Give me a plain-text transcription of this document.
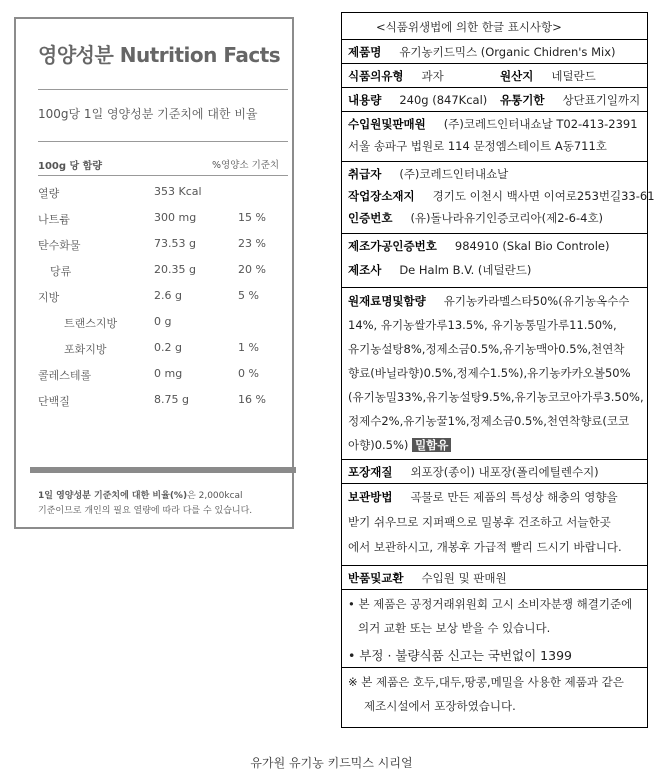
영양성분 Nutrition Facts
100g당 1일 영양성분 기준치에 대한 비율
100g 당 함량	%영양소 기준치
열량	353 Kcal
나트륨	300 mg	15 %
탄수화물	73.53 g	23 %
당류	20.35 g	20 %
지방	2.6 g	5 %
트랜스지방	0 g
포화지방	0.2 g	1 %
콜레스테롤	0 mg	0 %
단백질	8.75 g	16 %
1일 영양성분 기준치에 대한 비율(%)은 2,000kcal
기준이므로 개인의 필요 열량에 따라 다를 수 있습니다.
<식품위생법에 의한 한글 표시사항>
제품명 유기농키드믹스 (Organic Chidren's Mix)
식품의유형 과자	원산지 네덜란드
내용량 240g (847Kcal) 유통기한 상단표기일까지
수입원및판매원 (주)코레드인터내쇼날 T02-413-2391
서울 송파구 법원로 114 문정엠스테이트 A동711호
취급자 (주)코레드인터내쇼날
작업장소재지 경기도 이천시 백사면 이여로253번길33-61
인증번호 (유)돌나라유기인증코리아(제2-6-4호)
제조가공인증번호 984910 (Skal Bio Controle)
제조사 De Halm B.V. (네덜란드)
원재료명및함량 유기농카라멜스타50%(유기농옥수수
14%, 유기농쌀가루13.5%, 유기농통밀가루11.50%,
유기농설탕8%,정제소금0.5%,유기농맥아0.5%,천연착
향료(바닐라향)0.5%,정제수1.5%),유기농카카오볼50%
(유기농밀33%,유기농설탕9.5%,유기농코코아가루3.50%,
정제수2%,유기농꿀1%,정제소금0.5%,천연착향료(코코
아향)0.5%) 밀함유
포장재질 외포장(종이) 내포장(폴리에틸렌수지)
보관방법 곡물로 만든 제품의 특성상 해충의 영향을
받기 쉬우므로 지퍼팩으로 밀봉후 건조하고 서늘한곳
에서 보관하시고, 개봉후 가급적 빨리 드시기 바랍니다.
반품및교환 수입원 및 판매원
• 본 제품은 공정거래위원회 고시 소비자분쟁 해결기준에
의거 교환 또는 보상 받을 수 있습니다.
• 부정 · 불량식품 신고는 국번없이 1399
※ 본 제품은 호두,대두,땅콩,메밀을 사용한 제품과 같은
제조시설에서 포장하였습니다.
유가원 유기농 키드믹스 시리얼
